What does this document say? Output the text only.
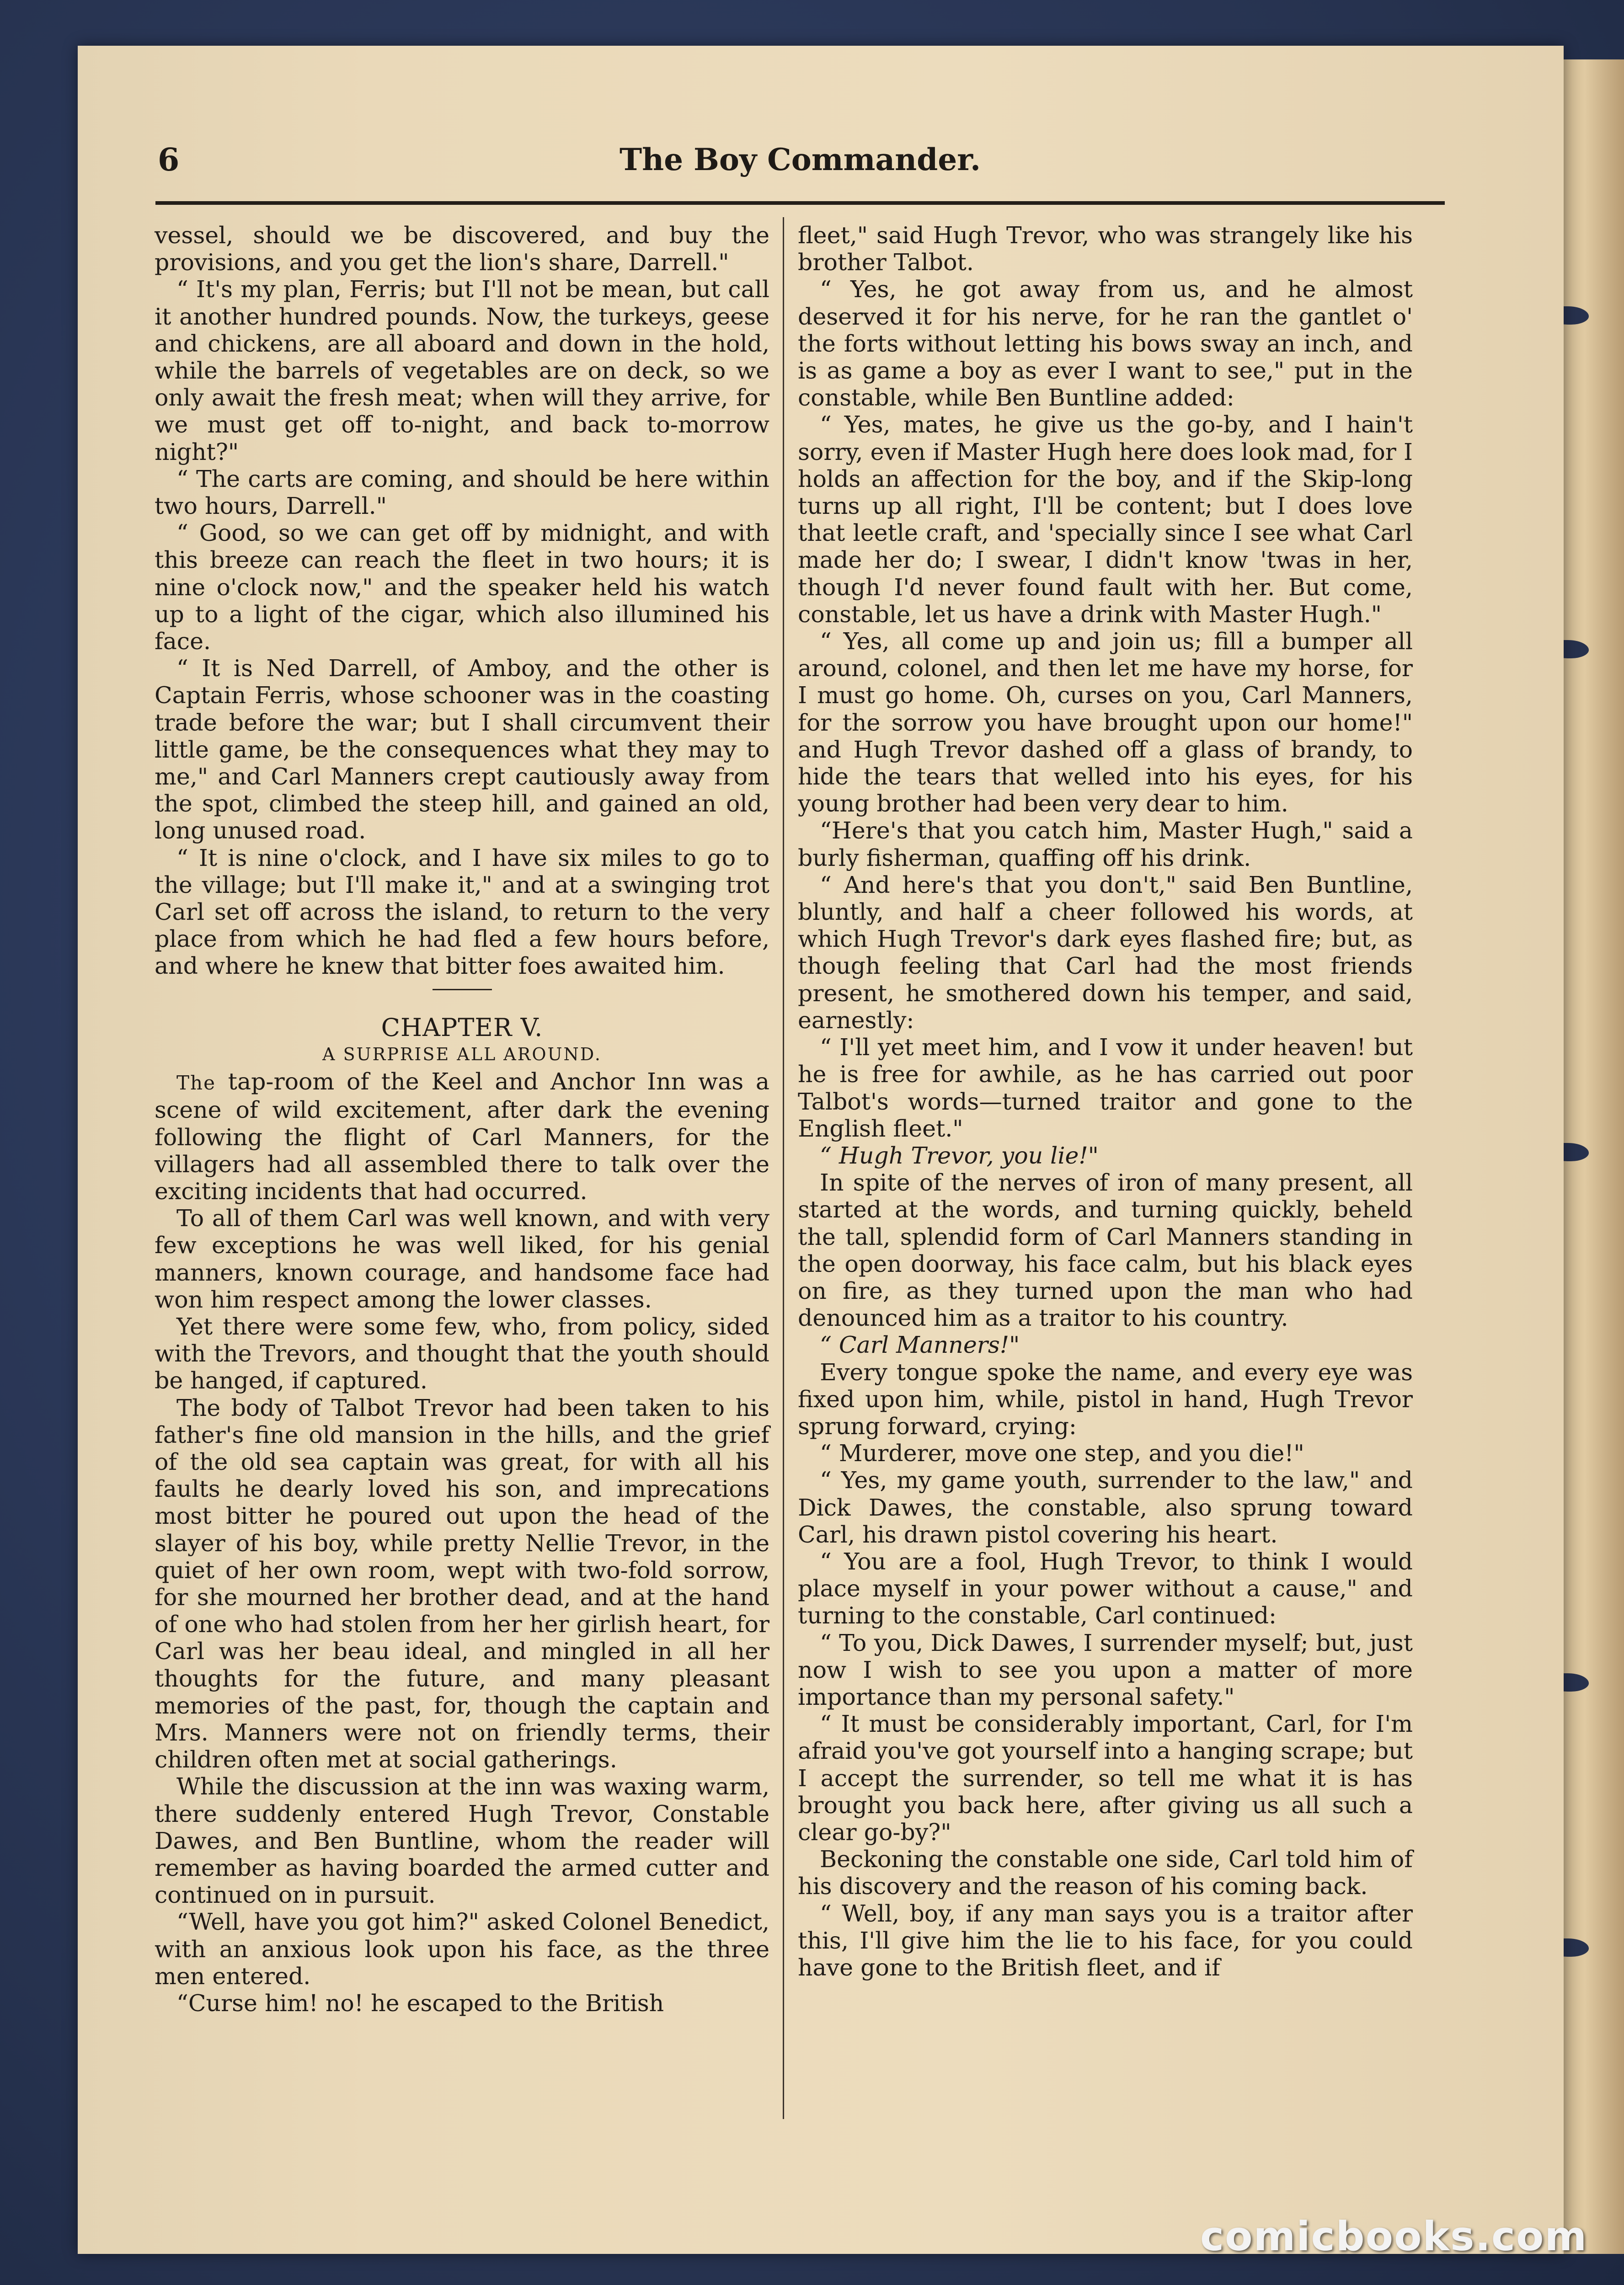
6	The Boy Commander.

vessel, should we be discovered, and buy the provisions, and you get the lion's share, Darrell."

“ It's my plan, Ferris; but I'll not be mean, but call it another hundred pounds. Now, the turkeys, geese and chickens, are all aboard and down in the hold, while the barrels of vegetables are on deck, so we only await the fresh meat; when will they arrive, for we must get off to-night, and back to-morrow night?"

“ The carts are coming, and should be here within two hours, Darrell."

“ Good, so we can get off by midnight, and with this breeze can reach the fleet in two hours; it is nine o'clock now," and the speaker held his watch up to a light of the cigar, which also illumined his face.

“ It is Ned Darrell, of Amboy, and the other is Captain Ferris, whose schooner was in the coasting trade before the war; but I shall circumvent their little game, be the consequences what they may to me," and Carl Manners crept cautiously away from the spot, climbed the steep hill, and gained an old, long unused road.

“ It is nine o'clock, and I have six miles to go to the village; but I'll make it," and at a swinging trot Carl set off across the island, to return to the very place from which he had fled a few hours before, and where he knew that bitter foes awaited him.

CHAPTER V.

A SURPRISE ALL AROUND.

The tap-room of the Keel and Anchor Inn was a scene of wild excitement, after dark the evening following the flight of Carl Manners, for the villagers had all assembled there to talk over the exciting incidents that had occurred.

To all of them Carl was well known, and with very few exceptions he was well liked, for his genial manners, known courage, and handsome face had won him respect among the lower classes.

Yet there were some few, who, from policy, sided with the Trevors, and thought that the youth should be hanged, if captured.

The body of Talbot Trevor had been taken to his father's fine old mansion in the hills, and the grief of the old sea captain was great, for with all his faults he dearly loved his son, and imprecations most bitter he poured out upon the head of the slayer of his boy, while pretty Nellie Trevor, in the quiet of her own room, wept with two-fold sorrow, for she mourned her brother dead, and at the hand of one who had stolen from her her girlish heart, for Carl was her beau ideal, and mingled in all her thoughts for the future, and many pleasant memories of the past, for, though the captain and Mrs. Manners were not on friendly terms, their children often met at social gatherings.

While the discussion at the inn was waxing warm, there suddenly entered Hugh Trevor, Constable Dawes, and Ben Buntline, whom the reader will remember as having boarded the armed cutter and continued on in pursuit.

“Well, have you got him?" asked Colonel Benedict, with an anxious look upon his face, as the three men entered.

“Curse him! no! he escaped to the British

fleet," said Hugh Trevor, who was strangely like his brother Talbot.

“ Yes, he got away from us, and he almost deserved it for his nerve, for he ran the gantlet o' the forts without letting his bows sway an inch, and is as game a boy as ever I want to see," put in the constable, while Ben Buntline added:

“ Yes, mates, he give us the go-by, and I hain't sorry, even if Master Hugh here does look mad, for I holds an affection for the boy, and if the Skip-long turns up all right, I'll be content; but I does love that leetle craft, and 'specially since I see what Carl made her do; I swear, I didn't know 'twas in her, though I'd never found fault with her. But come, constable, let us have a drink with Master Hugh."

“ Yes, all come up and join us; fill a bumper all around, colonel, and then let me have my horse, for I must go home. Oh, curses on you, Carl Manners, for the sorrow you have brought upon our home!" and Hugh Trevor dashed off a glass of brandy, to hide the tears that welled into his eyes, for his young brother had been very dear to him.

“Here's that you catch him, Master Hugh," said a burly fisherman, quaffing off his drink.

“ And here's that you don't," said Ben Buntline, bluntly, and half a cheer followed his words, at which Hugh Trevor's dark eyes flashed fire; but, as though feeling that Carl had the most friends present, he smothered down his temper, and said, earnestly:

“ I'll yet meet him, and I vow it under heaven! but he is free for awhile, as he has carried out poor Talbot's words—turned traitor and gone to the English fleet."

“ Hugh Trevor, you lie!"

In spite of the nerves of iron of many present, all started at the words, and turning quickly, beheld the tall, splendid form of Carl Manners standing in the open doorway, his face calm, but his black eyes on fire, as they turned upon the man who had denounced him as a traitor to his country.

“ Carl Manners!"

Every tongue spoke the name, and every eye was fixed upon him, while, pistol in hand, Hugh Trevor sprung forward, crying:

“ Murderer, move one step, and you die!"

“ Yes, my game youth, surrender to the law," and Dick Dawes, the constable, also sprung toward Carl, his drawn pistol covering his heart.

“ You are a fool, Hugh Trevor, to think I would place myself in your power without a cause," and turning to the constable, Carl continued:

“ To you, Dick Dawes, I surrender myself; but, just now I wish to see you upon a matter of more importance than my personal safety."

“ It must be considerably important, Carl, for I'm afraid you've got yourself into a hanging scrape; but I accept the surrender, so tell me what it is has brought you back here, after giving us all such a clear go-by?"

Beckoning the constable one side, Carl told him of his discovery and the reason of his coming back.

“ Well, boy, if any man says you is a traitor after this, I'll give him the lie to his face, for you could have gone to the British fleet, and if

comicbooks.com
